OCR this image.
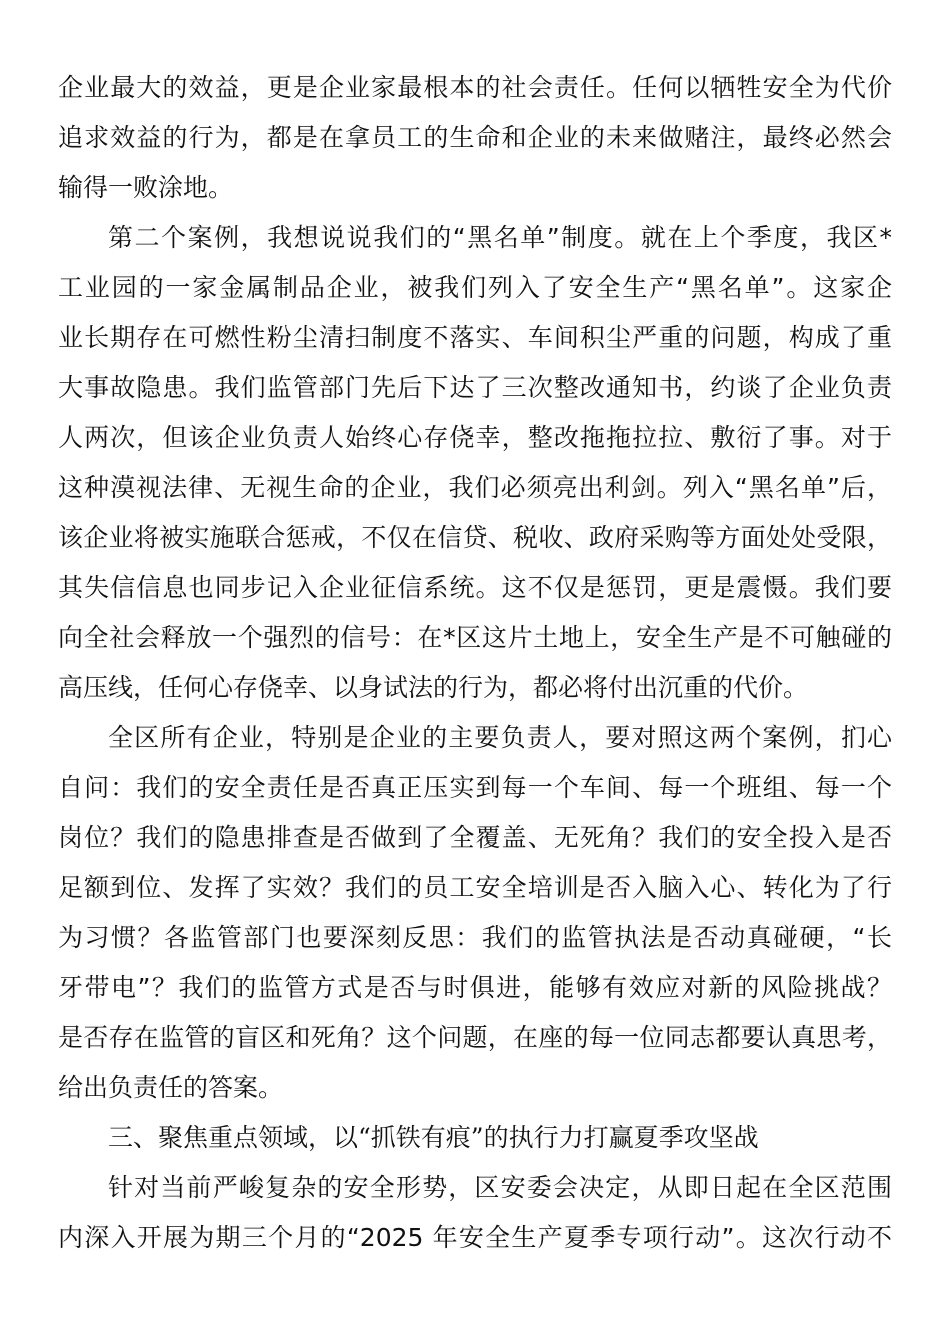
企业最大的效益，更是企业家最根本的社会责任。任何以牺牲安全为代价
追求效益的行为，都是在拿员工的生命和企业的未来做赌注，最终必然会
输得一败涂地。
第二个案例，我想说说我们的“黑名单”制度。就在上个季度，我区*
工业园的一家金属制品企业，被我们列入了安全生产“黑名单”。这家企
业长期存在可燃性粉尘清扫制度不落实、车间积尘严重的问题，构成了重
大事故隐患。我们监管部门先后下达了三次整改通知书，约谈了企业负责
人两次，但该企业负责人始终心存侥幸，整改拖拖拉拉、敷衍了事。对于
这种漠视法律、无视生命的企业，我们必须亮出利剑。列入“黑名单”后，
该企业将被实施联合惩戒，不仅在信贷、税收、政府采购等方面处处受限，
其失信信息也同步记入企业征信系统。这不仅是惩罚，更是震慑。我们要
向全社会释放一个强烈的信号：在*区这片土地上，安全生产是不可触碰的
高压线，任何心存侥幸、以身试法的行为，都必将付出沉重的代价。
全区所有企业，特别是企业的主要负责人，要对照这两个案例，扪心
自问：我们的安全责任是否真正压实到每一个车间、每一个班组、每一个
岗位？我们的隐患排查是否做到了全覆盖、无死角？我们的安全投入是否
足额到位、发挥了实效？我们的员工安全培训是否入脑入心、转化为了行
为习惯？各监管部门也要深刻反思：我们的监管执法是否动真碰硬，“长
牙带电”？我们的监管方式是否与时俱进，能够有效应对新的风险挑战？
是否存在监管的盲区和死角？这个问题，在座的每一位同志都要认真思考，
给出负责任的答案。
三、聚焦重点领域，以“抓铁有痕”的执行力打赢夏季攻坚战
针对当前严峻复杂的安全形势，区安委会决定，从即日起在全区范围
内深入开展为期三个月的“2025 年安全生产夏季专项行动”。这次行动不
